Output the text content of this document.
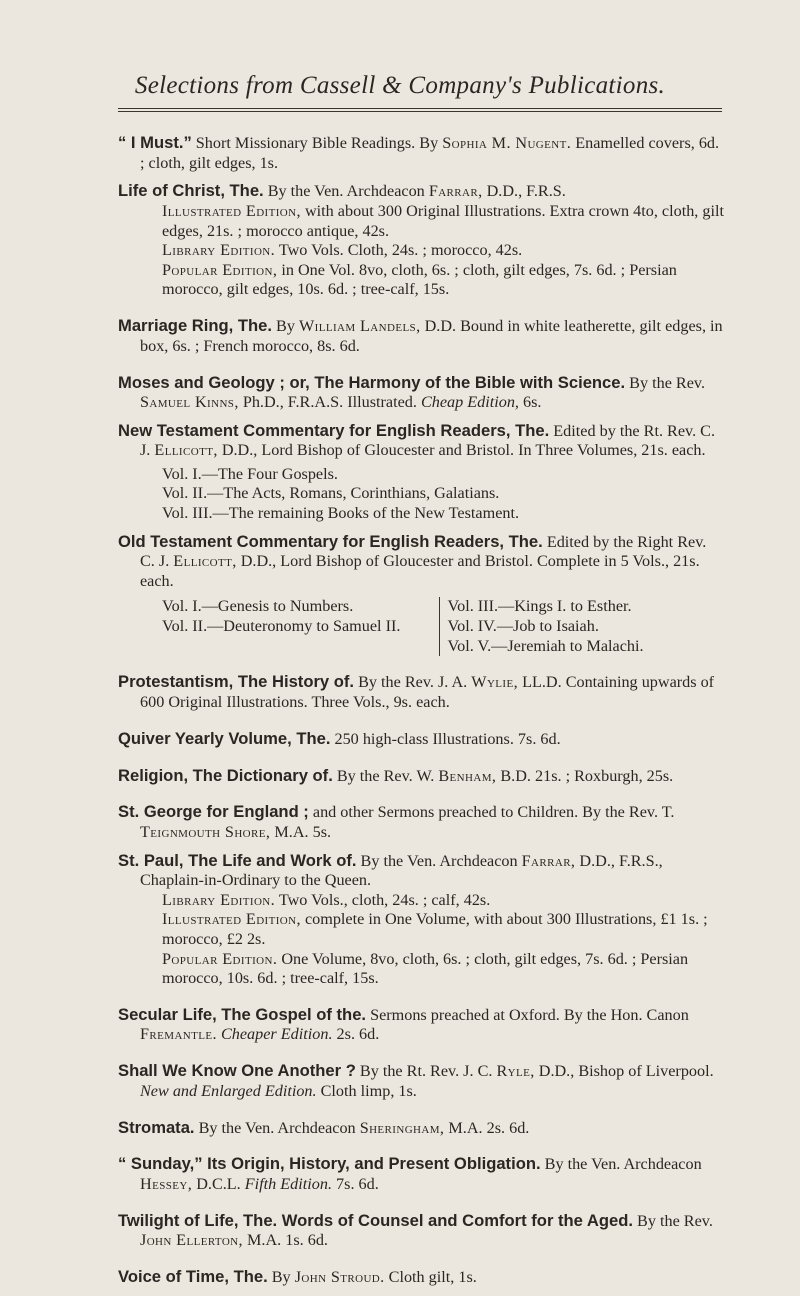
Selections from Cassell & Company's Publications.

“ I Must.” Short Missionary Bible Readings. By Sophia M. Nugent. Enamelled covers, 6d. ; cloth, gilt edges, 1s.

Life of Christ, The. By the Ven. Archdeacon Farrar, D.D., F.R.S.

Illustrated Edition, with about 300 Original Illustrations. Extra crown 4to, cloth, gilt edges, 21s. ; morocco antique, 42s.

Library Edition. Two Vols. Cloth, 24s. ; morocco, 42s.

Popular Edition, in One Vol. 8vo, cloth, 6s. ; cloth, gilt edges, 7s. 6d. ; Persian morocco, gilt edges, 10s. 6d. ; tree-calf, 15s.

Marriage Ring, The. By William Landels, D.D. Bound in white leatherette, gilt edges, in box, 6s. ; French morocco, 8s. 6d.

Moses and Geology ; or, The Harmony of the Bible with Science. By the Rev. Samuel Kinns, Ph.D., F.R.A.S. Illustrated. Cheap Edition, 6s.

New Testament Commentary for English Readers, The. Edited by the Rt. Rev. C. J. Ellicott, D.D., Lord Bishop of Gloucester and Bristol. In Three Volumes, 21s. each.

Vol. I.—The Four Gospels.

Vol. II.—The Acts, Romans, Corinthians, Galatians.

Vol. III.—The remaining Books of the New Testament.

Old Testament Commentary for English Readers, The. Edited by the Right Rev. C. J. Ellicott, D.D., Lord Bishop of Gloucester and Bristol. Complete in 5 Vols., 21s. each.

Vol. I.—Genesis to Numbers.

Vol. II.—Deuteronomy to Samuel II.

Vol. III.—Kings I. to Esther.

Vol. IV.—Job to Isaiah.

Vol. V.—Jeremiah to Malachi.

Protestantism, The History of. By the Rev. J. A. Wylie, LL.D. Containing upwards of 600 Original Illustrations. Three Vols., 9s. each.

Quiver Yearly Volume, The. 250 high-class Illustrations. 7s. 6d.

Religion, The Dictionary of. By the Rev. W. Benham, B.D. 21s. ; Roxburgh, 25s.

St. George for England ; and other Sermons preached to Children. By the Rev. T. Teignmouth Shore, M.A. 5s.

St. Paul, The Life and Work of. By the Ven. Archdeacon Farrar, D.D., F.R.S., Chaplain-in-Ordinary to the Queen.

Library Edition. Two Vols., cloth, 24s. ; calf, 42s.

Illustrated Edition, complete in One Volume, with about 300 Illustrations, £1 1s. ; morocco, £2 2s.

Popular Edition. One Volume, 8vo, cloth, 6s. ; cloth, gilt edges, 7s. 6d. ; Persian morocco, 10s. 6d. ; tree-calf, 15s.

Secular Life, The Gospel of the. Sermons preached at Oxford. By the Hon. Canon Fremantle. Cheaper Edition. 2s. 6d.

Shall We Know One Another ? By the Rt. Rev. J. C. Ryle, D.D., Bishop of Liverpool. New and Enlarged Edition. Cloth limp, 1s.

Stromata. By the Ven. Archdeacon Sheringham, M.A. 2s. 6d.

“ Sunday,” Its Origin, History, and Present Obligation. By the Ven. Archdeacon Hessey, D.C.L. Fifth Edition. 7s. 6d.

Twilight of Life, The. Words of Counsel and Comfort for the Aged. By the Rev. John Ellerton, M.A. 1s. 6d.

Voice of Time, The. By John Stroud. Cloth gilt, 1s.
